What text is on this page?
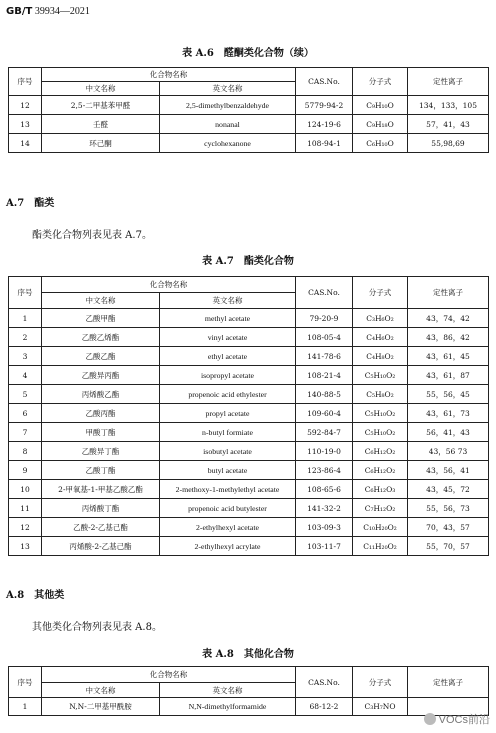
GB/T 39934—2021
表 A.6　醛酮类化合物（续）
序号	化合物名称		CAS.No.	分子式	定性离子
	中文名称	英文名称			
12	2,5-二甲基苯甲醛	2,5-dimethylbenzaldehyde	5779-94-2	C₉H₁₀O	134，133，105
13	壬醛	nonanal	124-19-6	C₉H₁₈O	57，41，43
14	环己酮	cyclohexanone	108-94-1	C₆H₁₀O	55,98,69
A.7　酯类
酯类化合物列表见表 A.7。
表 A.7　酯类化合物
序号	化合物名称		CAS.No.	分子式	定性离子
	中文名称	英文名称			
1	乙酸甲酯	methyl acetate	79-20-9	C₃H₆O₂	43，74，42
2	乙酸乙烯酯	vinyl acetate	108-05-4	C₄H₆O₂	43，86，42
3	乙酸乙酯	ethyl acetate	141-78-6	C₄H₈O₂	43，61，45
4	乙酸异丙酯	isopropyl acetate	108-21-4	C₅H₁₀O₂	43，61，87
5	丙烯酸乙酯	propenoic acid ethylester	140-88-5	C₅H₈O₂	55，56，45
6	乙酸丙酯	propyl acetate	109-60-4	C₅H₁₀O₂	43，61，73
7	甲酸丁酯	n-butyl formiate	592-84-7	C₅H₁₀O₂	56，41，43
8	乙酸异丁酯	isobutyl acetate	110-19-0	C₆H₁₂O₂	43，56 73
9	乙酸丁酯	butyl acetate	123-86-4	C₆H₁₂O₂	43，56，41
10	2-甲氧基-1-甲基乙酸乙酯	2-methoxy-1-methylethyl acetate	108-65-6	C₆H₁₂O₃	43，45，72
11	丙烯酸丁酯	propenoic acid butylester	141-32-2	C₇H₁₂O₂	55，56，73
12	乙酸-2-乙基己酯	2-ethylhexyl acetate	103-09-3	C₁₀H₂₀O₂	70，43，57
13	丙烯酸-2-乙基己酯	2-ethylhexyl acrylate	103-11-7	C₁₁H₂₀O₂	55，70，57
A.8　其他类
其他类化合物列表见表 A.8。
表 A.8　其他化合物
序号	化合物名称		CAS.No.	分子式	定性离子
	中文名称	英文名称			
1	N,N-二甲基甲酰胺	N,N-dimethylformamide	68-12-2	C₃H₇NO	
VOCs前沿
